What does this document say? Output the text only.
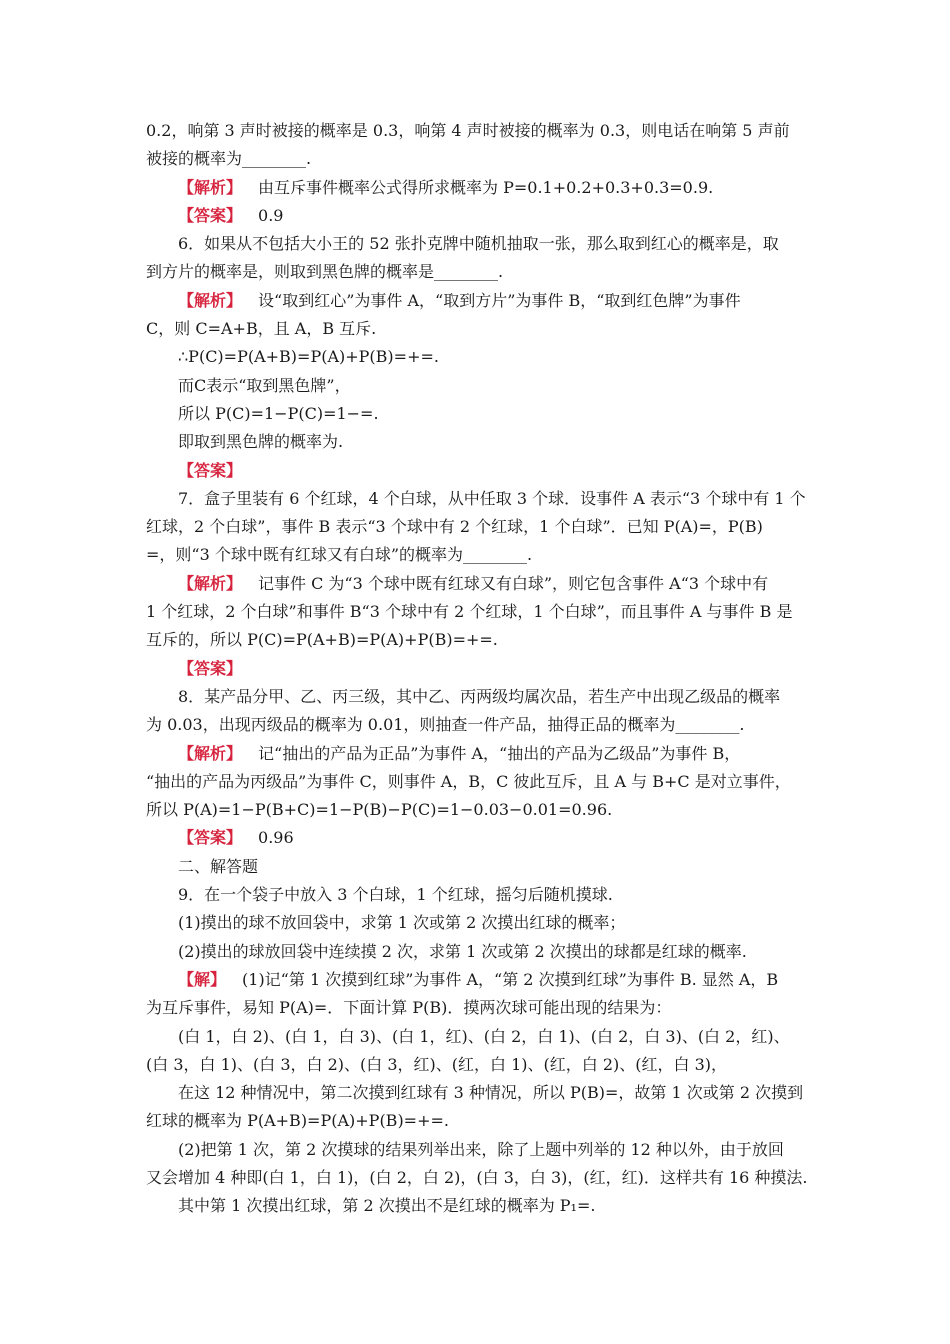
0.2，响第 3 声时被接的概率是 0.3，响第 4 声时被接的概率为 0.3，则电话在响第 5 声前
被接的概率为________.
【解析】 由互斥事件概率公式得所求概率为 P=0.1+0.2+0.3+0.3=0.9.
【答案】 0.9
6．如果从不包括大小王的 52 张扑克牌中随机抽取一张，那么取到红心的概率是，取
到方片的概率是，则取到黑色牌的概率是________.
【解析】 设“取到红心”为事件 A，“取到方片”为事件 B，“取到红色牌”为事件
C，则 C=A+B，且 A，B 互斥.
∴P(C)=P(A+B)=P(A)+P(B)=+=.
而C表示“取到黑色牌”，
所以 P(C)=1−P(C)=1−=.
即取到黑色牌的概率为.
【答案】
7．盒子里装有 6 个红球，4 个白球，从中任取 3 个球．设事件 A 表示“3 个球中有 1 个
红球，2 个白球”，事件 B 表示“3 个球中有 2 个红球，1 个白球”．已知 P(A)=，P(B)
=，则“3 个球中既有红球又有白球”的概率为________.
【解析】 记事件 C 为“3 个球中既有红球又有白球”，则它包含事件 A“3 个球中有
1 个红球，2 个白球”和事件 B“3 个球中有 2 个红球，1 个白球”，而且事件 A 与事件 B 是
互斥的，所以 P(C)=P(A+B)=P(A)+P(B)=+=.
【答案】
8．某产品分甲、乙、丙三级，其中乙、丙两级均属次品，若生产中出现乙级品的概率
为 0.03，出现丙级品的概率为 0.01，则抽查一件产品，抽得正品的概率为________.
【解析】 记“抽出的产品为正品”为事件 A，“抽出的产品为乙级品”为事件 B，
“抽出的产品为丙级品”为事件 C，则事件 A，B，C 彼此互斥，且 A 与 B+C 是对立事件，
所以 P(A)=1−P(B+C)=1−P(B)−P(C)=1−0.03−0.01=0.96.
【答案】 0.96
二、解答题
9．在一个袋子中放入 3 个白球，1 个红球，摇匀后随机摸球.
(1)摸出的球不放回袋中，求第 1 次或第 2 次摸出红球的概率；
(2)摸出的球放回袋中连续摸 2 次，求第 1 次或第 2 次摸出的球都是红球的概率.
【解】 (1)记“第 1 次摸到红球”为事件 A，“第 2 次摸到红球”为事件 B. 显然 A，B
为互斥事件，易知 P(A)=．下面计算 P(B)．摸两次球可能出现的结果为：
(白 1，白 2)、(白 1，白 3)、(白 1，红)、(白 2，白 1)、(白 2，白 3)、(白 2，红)、
(白 3，白 1)、(白 3，白 2)、(白 3，红)、(红，白 1)、(红，白 2)、(红，白 3)，
在这 12 种情况中，第二次摸到红球有 3 种情况，所以 P(B)=，故第 1 次或第 2 次摸到
红球的概率为 P(A+B)=P(A)+P(B)=+=.
(2)把第 1 次，第 2 次摸球的结果列举出来，除了上题中列举的 12 种以外，由于放回
又会增加 4 种即(白 1，白 1)，(白 2，白 2)，(白 3，白 3)，(红，红)．这样共有 16 种摸法.
其中第 1 次摸出红球，第 2 次摸出不是红球的概率为 P₁=.
